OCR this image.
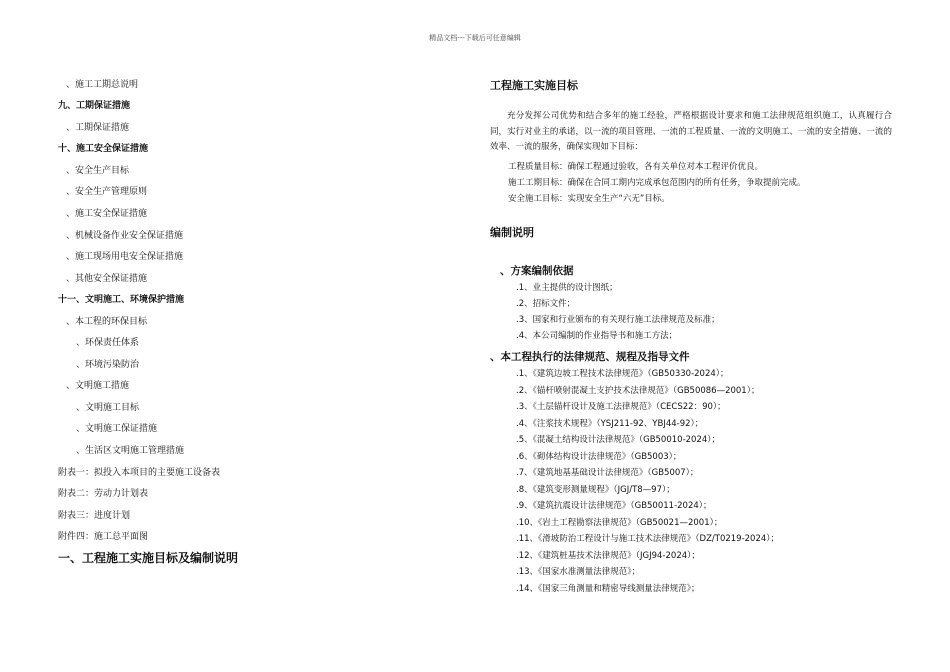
精品文档---下载后可任意编辑
、施工工期总说明
九、工期保证措施
、工期保证措施
十、施工安全保证措施
、安全生产目标
、安全生产管理原则
、施工安全保证措施
、机械设备作业安全保证措施
、施工现场用电安全保证措施
、其他安全保证措施
十一、文明施工、环境保护措施
、本工程的环保目标
、环保责任体系
、环境污染防治
、文明施工措施
、文明施工目标
、文明施工保证措施
、生活区文明施工管理措施
附表一：拟投入本项目的主要施工设备表
附表二：劳动力计划表
附表三：进度计划
附件四：施工总平面图
一、工程施工实施目标及编制说明
工程施工实施目标
充分发挥公司优势和结合多年的施工经验，严格根据设计要求和施工法律规范组织施工，认真履行合同，实行对业主的承诺，以一流的项目管理、一流的工程质量、一流的文明施工、一流的安全措施、一流的效率、一流的服务，确保实现如下目标：
工程质量目标：确保工程通过验收，各有关单位对本工程评价优良。
施工工期目标：确保在合同工期内完成承包范围内的所有任务，争取提前完成。
安全施工目标：实现安全生产“六无”目标。
编制说明
、方案编制依据
.1、业主提供的设计图纸；
.2、招标文件；
.3、国家和行业颁布的有关现行施工法律规范及标准；
.4、本公司编制的作业指导书和施工方法；
、本工程执行的法律规范、规程及指导文件
.1、《建筑边坡工程技术法律规范》（GB50330-2024）；
.2、《锚杆喷射混凝土支护技术法律规范》（GB50086—2001）；
.3、《土层锚杆设计及施工法律规范》（CECS22：90）；
.4、《注浆技术规程》（YSJ211-92、YBJ44-92）；
.5、《混凝土结构设计法律规范》（GB50010-2024）；
.6、《砌体结构设计法律规范》（GB5003）；
.7、《建筑地基基础设计法律规范》（GB5007）；
.8、《建筑变形测量规程》（JGJ/T8—97）；
.9、《建筑抗震设计法律规范》（GB50011-2024）；
.10、《岩土工程勘察法律规范》（GB50021—2001）；
.11、《滑坡防治工程设计与施工技术法律规范》（DZ/T0219-2024）；
.12、《建筑桩基技术法律规范》（JGJ94-2024）；
.13、《国家水准测量法律规范》；
.14、《国家三角测量和精密导线测量法律规范》；
